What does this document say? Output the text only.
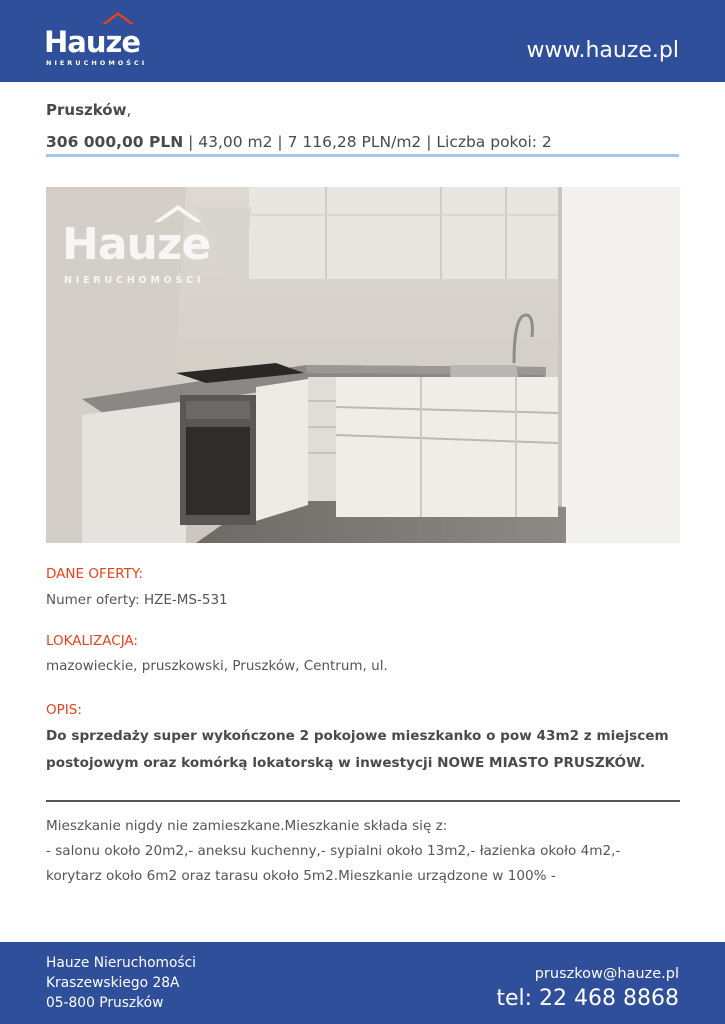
Hauze
NIERUCHOMOŚCI	www.hauze.pl
Pruszków,
306 000,00 PLN | 43,00 m2 | 7 116,28 PLN/m2 | Liczba pokoi: 2
Hauze
NIERUCHOMOŚCI
DANE OFERTY:
Numer oferty: HZE-MS-531
LOKALIZACJA:
mazowieckie, pruszkowski, Pruszków, Centrum, ul.
OPIS:
Do sprzedaży super wykończone 2 pokojowe mieszkanko o pow 43m2 z miejscem postojowym oraz komórką lokatorską w inwestycji NOWE MIASTO PRUSZKÓW.
Mieszkanie nigdy nie zamieszkane.Mieszkanie składa się z:
- salonu około 20m2,- aneksu kuchenny,- sypialni około 13m2,- łazienka około 4m2,-
korytarz około 6m2 oraz tarasu około 5m2.Mieszkanie urządzone w 100% -
Hauze Nieruchomości
Kraszewskiego 28A
05-800 Pruszków
pruszkow@hauze.pl
tel: 22 468 8868
